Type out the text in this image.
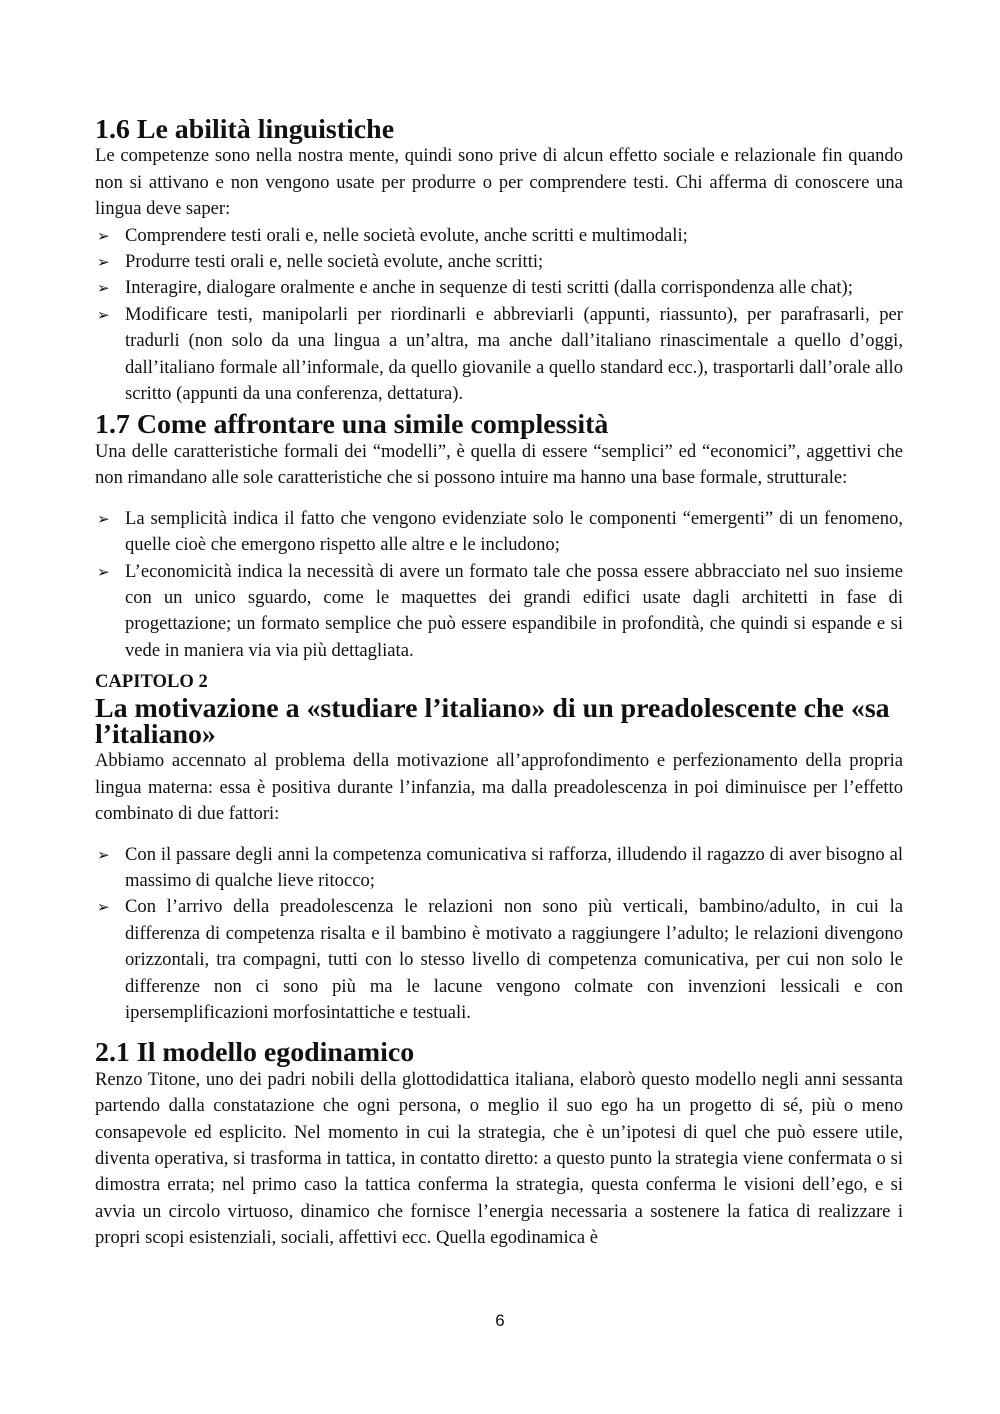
1.6 Le abilità linguistiche

Le competenze sono nella nostra mente, quindi sono prive di alcun effetto sociale e relazionale fin quando non si attivano e non vengono usate per produrre o per comprendere testi. Chi afferma di conoscere una lingua deve saper:

➢ Comprendere testi orali e, nelle società evolute, anche scritti e multimodali;
➢ Produrre testi orali e, nelle società evolute, anche scritti;
➢ Interagire, dialogare oralmente e anche in sequenze di testi scritti (dalla corrispondenza alle chat);
➢ Modificare testi, manipolarli per riordinarli e abbreviarli (appunti, riassunto), per parafrasarli, per tradurli (non solo da una lingua a un’altra, ma anche dall’italiano rinascimentale a quello d’oggi, dall’italiano formale all’informale, da quello giovanile a quello standard ecc.), trasportarli dall’orale allo scritto (appunti da una conferenza, dettatura).
1.7 Come affrontare una simile complessità

Una delle caratteristiche formali dei “modelli”, è quella di essere “semplici” ed “economici”, aggettivi che non rimandano alle sole caratteristiche che si possono intuire ma hanno una base formale, strutturale:

➢ La semplicità indica il fatto che vengono evidenziate solo le componenti “emergenti” di un fenomeno, quelle cioè che emergono rispetto alle altre e le includono;
➢ L’economicità indica la necessità di avere un formato tale che possa essere abbracciato nel suo insieme con un unico sguardo, come le maquettes dei grandi edifici usate dagli architetti in fase di progettazione; un formato semplice che può essere espandibile in profondità, che quindi si espande e si vede in maniera via via più dettagliata.
CAPITOLO 2
La motivazione a «studiare l’italiano» di un preadolescente che «sa l’italiano»

Abbiamo accennato al problema della motivazione all’approfondimento e perfezionamento della propria lingua materna: essa è positiva durante l’infanzia, ma dalla preadolescenza in poi diminuisce per l’effetto combinato di due fattori:

➢ Con il passare degli anni la competenza comunicativa si rafforza, illudendo il ragazzo di aver bisogno al massimo di qualche lieve ritocco;
➢ Con l’arrivo della preadolescenza le relazioni non sono più verticali, bambino/adulto, in cui la differenza di competenza risalta e il bambino è motivato a raggiungere l’adulto; le relazioni divengono orizzontali, tra compagni, tutti con lo stesso livello di competenza comunicativa, per cui non solo le differenze non ci sono più ma le lacune vengono colmate con invenzioni lessicali e con ipersemplificazioni morfosintattiche e testuali.
2.1 Il modello egodinamico

Renzo Titone, uno dei padri nobili della glottodidattica italiana, elaborò questo modello negli anni sessanta partendo dalla constatazione che ogni persona, o meglio il suo ego ha un progetto di sé, più o meno consapevole ed esplicito. Nel momento in cui la strategia, che è un’ipotesi di quel che può essere utile, diventa operativa, si trasforma in tattica, in contatto diretto: a questo punto la strategia viene confermata o si dimostra errata; nel primo caso la tattica conferma la strategia, questa conferma le visioni dell’ego, e si avvia un circolo virtuoso, dinamico che fornisce l’energia necessaria a sostenere la fatica di realizzare i propri scopi esistenziali, sociali, affettivi ecc. Quella egodinamica è

6
